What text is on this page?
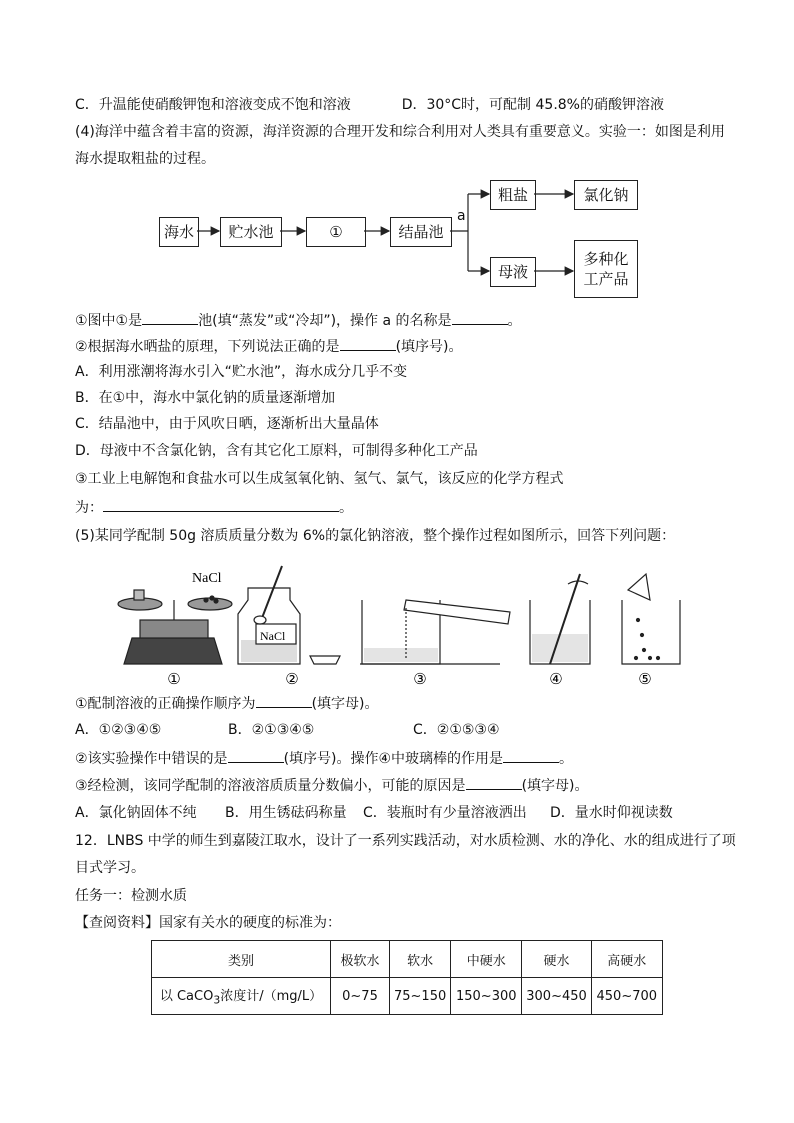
C．升温能使硝酸钾饱和溶液变成不饱和溶液	D．30°C时，可配制 45.8%的硝酸钾溶液
(4)海洋中蕴含着丰富的资源，海洋资源的合理开发和综合利用对人类具有重要意义。实验一：如图是利用
海水提取粗盐的过程。
海水	贮水池	①	结晶池
粗盐	氯化钠
母液
多种化
工产品
a
①图中①是	池(填“蒸发”或“冷却”)，操作 a 的名称是	。
②根据海水晒盐的原理，下列说法正确的是	(填序号)。
A．利用涨潮将海水引入“贮水池”，海水成分几乎不变
B．在①中，海水中氯化钠的质量逐渐增加
C．结晶池中，由于风吹日晒，逐渐析出大量晶体
D．母液中不含氯化钠，含有其它化工原料，可制得多种化工产品
③工业上电解饱和食盐水可以生成氢氧化钠、氢气、氯气，该反应的化学方程式
为：	。
(5)某同学配制 50g 溶质质量分数为 6%的氯化钠溶液，整个操作过程如图所示，回答下列问题：
NaCl
NaCl
①	②	③	④	⑤
①配制溶液的正确操作顺序为	(填字母)。
A．①②③④⑤	B．②①③④⑤	C．②①⑤③④
②该实验操作中错误的是	(填序号)。操作④中玻璃棒的作用是	。
③经检测，该同学配制的溶液溶质质量分数偏小，可能的原因是	(填字母)。
A．氯化钠固体不纯 B．用生锈砝码称量 C．装瓶时有少量溶液洒出 D．量水时仰视读数
12．LNBS 中学的师生到嘉陵江取水，设计了一系列实践活动，对水质检测、水的净化、水的组成进行了项
目式学习。
任务一：检测水质
【查阅资料】国家有关水的硬度的标准为：
类别	极软水	软水	中硬水	硬水	高硬水
以 CaCO$_3$浓度计/（mg/L）	0~75	75~150	150~300	300~450	450~700
